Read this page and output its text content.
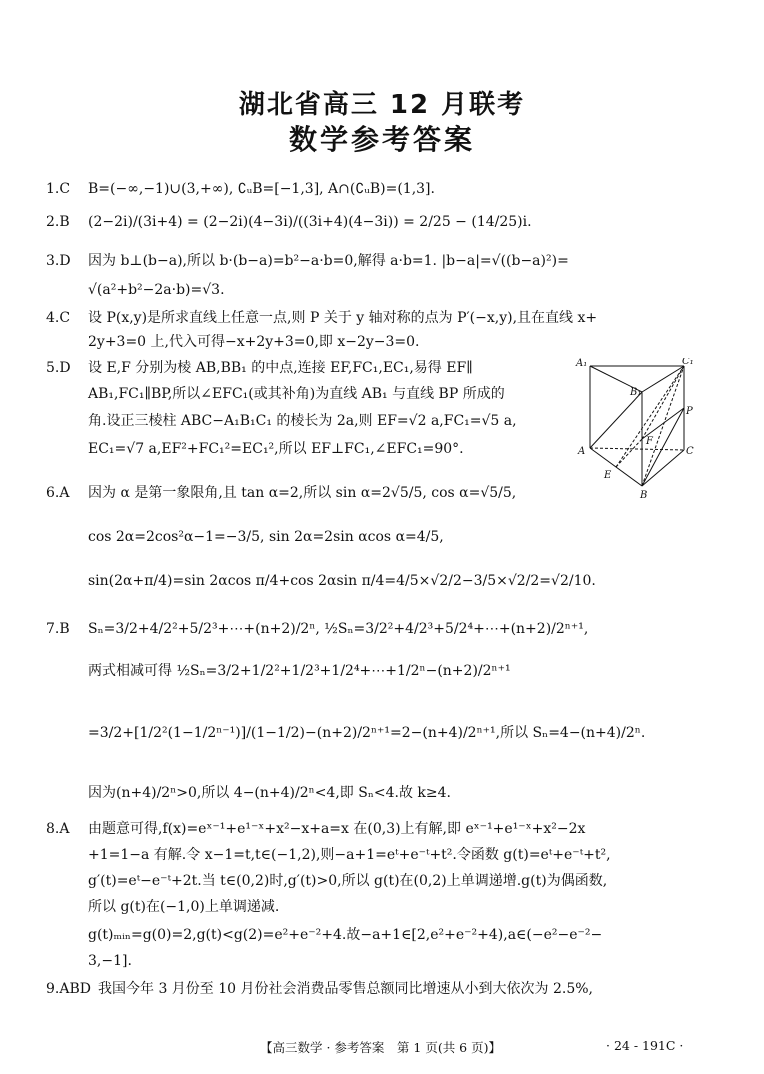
湖北省高三 12 月联考
数学参考答案
1.C B=(−∞,−1)∪(3,+∞), ∁ᵤB=[−1,3], A∩(∁ᵤB)=(1,3].
2.B (2−2i)/(3i+4) = (2−2i)(4−3i)/((3i+4)(4−3i)) = 2/25 − (14/25)i.
3.D 因为 b⊥(b−a),所以 b·(b−a)=b²−a·b=0,解得 a·b=1. |b−a|=√((b−a)²)=
√(a²+b²−2a·b)=√3.
4.C 设 P(x,y)是所求直线上任意一点,则 P 关于 y 轴对称的点为 P′(−x,y),且在直线 x+
2y+3=0 上,代入可得−x+2y+3=0,即 x−2y−3=0.
5.D 设 E,F 分别为棱 AB,BB₁ 的中点,连接 EF,FC₁,EC₁,易得 EF∥
AB₁,FC₁∥BP,所以∠EFC₁(或其补角)为直线 AB₁ 与直线 BP 所成的
角.设正三棱柱 ABC−A₁B₁C₁ 的棱长为 2a,则 EF=√2 a,FC₁=√5 a,
EC₁=√7 a,EF²+FC₁²=EC₁²,所以 EF⊥FC₁,∠EFC₁=90°.
C₁
B₁
A₁
A
B
C
E
F
P
6.A 因为 α 是第一象限角,且 tan α=2,所以 sin α=2√5/5, cos α=√5/5,
cos 2α=2cos²α−1=−3/5, sin 2α=2sin αcos α=4/5,
sin(2α+π/4)=sin 2αcos π/4+cos 2αsin π/4=4/5×√2/2−3/5×√2/2=√2/10.
7.B Sₙ=3/2+4/2²+5/2³+⋯+(n+2)/2ⁿ, ½Sₙ=3/2²+4/2³+5/2⁴+⋯+(n+2)/2ⁿ⁺¹,
两式相减可得 ½Sₙ=3/2+1/2²+1/2³+1/2⁴+⋯+1/2ⁿ−(n+2)/2ⁿ⁺¹
=3/2+[1/2²(1−1/2ⁿ⁻¹)]/(1−1/2)−(n+2)/2ⁿ⁺¹=2−(n+4)/2ⁿ⁺¹,所以 Sₙ=4−(n+4)/2ⁿ.
因为(n+4)/2ⁿ>0,所以 4−(n+4)/2ⁿ<4,即 Sₙ<4.故 k≥4.
8.A 由题意可得,f(x)=eˣ⁻¹+e¹⁻ˣ+x²−x+a=x 在(0,3)上有解,即 eˣ⁻¹+e¹⁻ˣ+x²−2x
+1=1−a 有解.令 x−1=t,t∈(−1,2),则−a+1=eᵗ+e⁻ᵗ+t².令函数 g(t)=eᵗ+e⁻ᵗ+t²,
g′(t)=eᵗ−e⁻ᵗ+2t.当 t∈(0,2)时,g′(t)>0,所以 g(t)在(0,2)上单调递增.g(t)为偶函数,
所以 g(t)在(−1,0)上单调递减.
g(t)ₘᵢₙ=g(0)=2,g(t)<g(2)=e²+e⁻²+4.故−a+1∈[2,e²+e⁻²+4),a∈(−e²−e⁻²−
3,−1].
9.ABD 我国今年 3 月份至 10 月份社会消费品零售总额同比增速从小到大依次为 2.5%,
【高三数学 · 参考答案　第 1 页(共 6 页)】	· 24 - 191C ·
